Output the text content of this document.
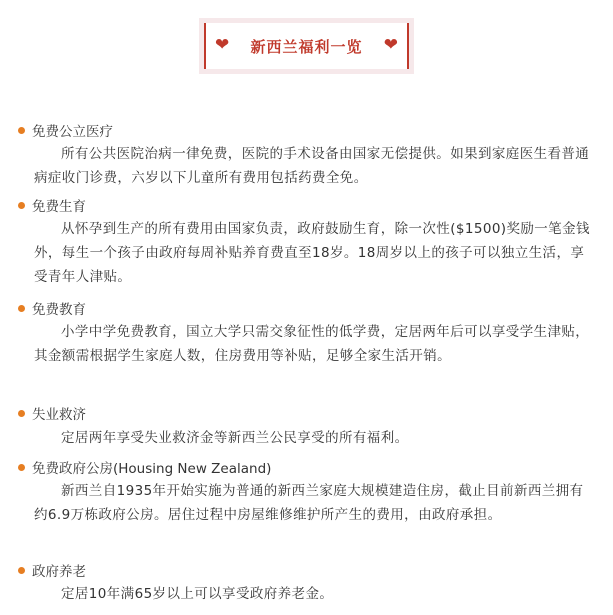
❤ 新西兰福利一览 ❤
免费公立医疗

所有公共医院治病一律免费，医院的手术设备由国家无偿提供。如果到家庭医生看普通病症收门诊费，六岁以下儿童所有费用包括药费全免。

免费生育

从怀孕到生产的所有费用由国家负责，政府鼓励生育，除一次性($1500)奖励一笔金钱外，每生一个孩子由政府每周补贴养育费直至18岁。18周岁以上的孩子可以独立生活，享受青年人津贴。

免费教育

小学中学免费教育，国立大学只需交象征性的低学费，定居两年后可以享受学生津贴，其金额需根据学生家庭人数，住房费用等补贴，足够全家生活开销。

失业救济

定居两年享受失业救济金等新西兰公民享受的所有福利。

免费政府公房(Housing New Zealand)

新西兰自1935年开始实施为普通的新西兰家庭大规模建造住房，截止目前新西兰拥有约6.9万栋政府公房。居住过程中房屋维修维护所产生的费用，由政府承担。

政府养老

定居10年满65岁以上可以享受政府养老金。
